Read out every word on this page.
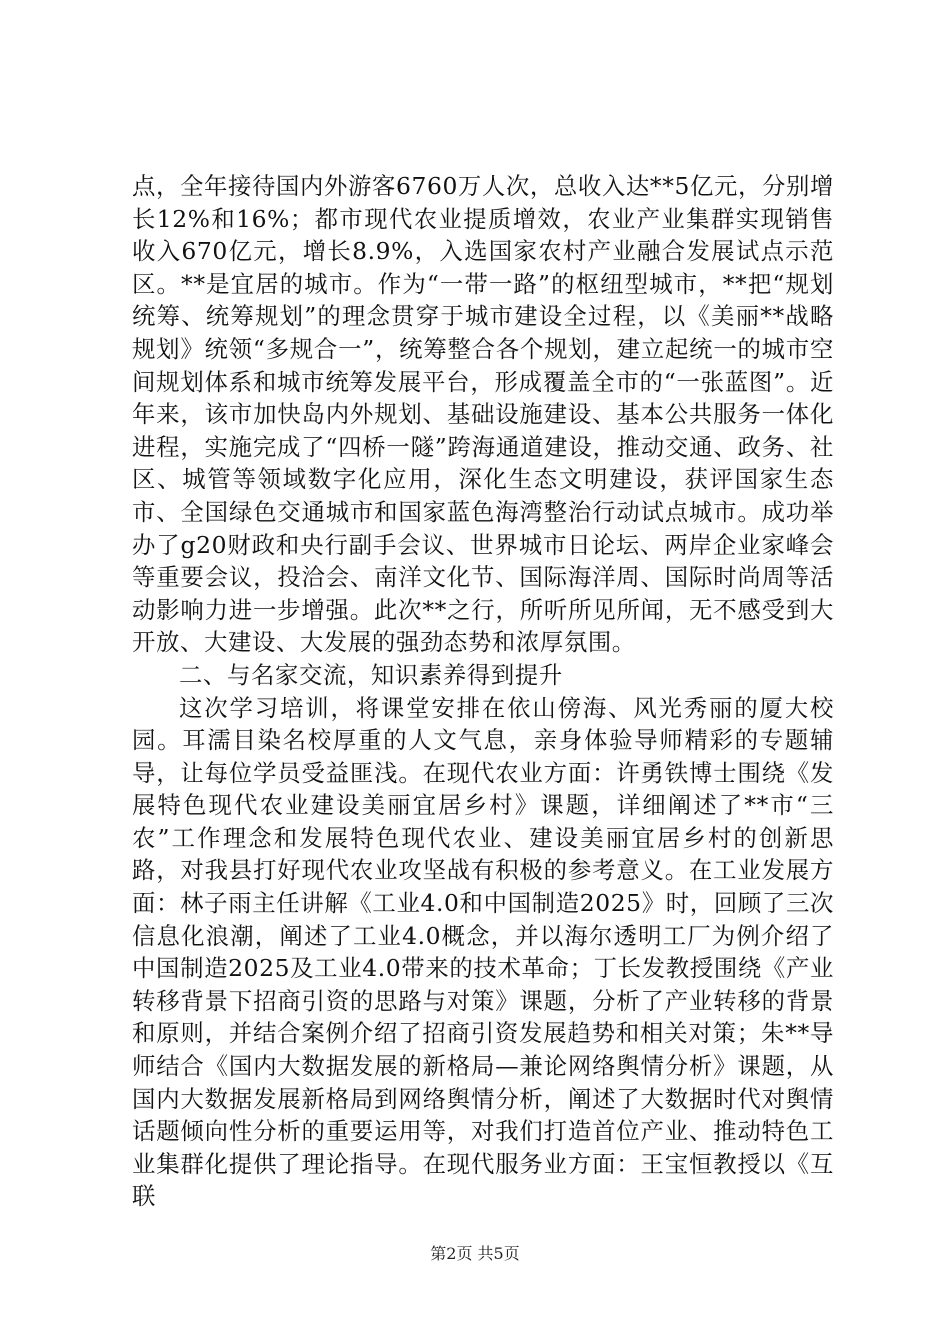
点，全年接待国内外游客6760万人次，总收入达**5亿元，分别增长12%和16%；都市现代农业提质增效，农业产业集群实现销售收入670亿元，增长8.9%，入选国家农村产业融合发展试点示范区。**是宜居的城市。作为“一带一路”的枢纽型城市，**把“规划统筹、统筹规划”的理念贯穿于城市建设全过程，以《美丽**战略规划》统领“多规合一”，统筹整合各个规划，建立起统一的城市空间规划体系和城市统筹发展平台，形成覆盖全市的“一张蓝图”。近年来，该市加快岛内外规划、基础设施建设、基本公共服务一体化进程，实施完成了“四桥一隧”跨海通道建设，推动交通、政务、社区、城管等领域数字化应用，深化生态文明建设，获评国家生态市、全国绿色交通城市和国家蓝色海湾整治行动试点城市。成功举办了g20财政和央行副手会议、世界城市日论坛、两岸企业家峰会等重要会议，投洽会、南洋文化节、国际海洋周、国际时尚周等活动影响力进一步增强。此次**之行，所听所见所闻，无不感受到大开放、大建设、大发展的强劲态势和浓厚氛围。

二、与名家交流，知识素养得到提升

这次学习培训，将课堂安排在依山傍海、风光秀丽的厦大校园。耳濡目染名校厚重的人文气息，亲身体验导师精彩的专题辅导，让每位学员受益匪浅。在现代农业方面：许勇铁博士围绕《发展特色现代农业建设美丽宜居乡村》课题，详细阐述了**市“三农”工作理念和发展特色现代农业、建设美丽宜居乡村的创新思路，对我县打好现代农业攻坚战有积极的参考意义。在工业发展方面：林子雨主任讲解《工业4.0和中国制造2025》时，回顾了三次信息化浪潮，阐述了工业4.0概念，并以海尔透明工厂为例介绍了中国制造2025及工业4.0带来的技术革命；丁长发教授围绕《产业转移背景下招商引资的思路与对策》课题，分析了产业转移的背景和原则，并结合案例介绍了招商引资发展趋势和相关对策；朱**导师结合《国内大数据发展的新格局—兼论网络舆情分析》课题，从国内大数据发展新格局到网络舆情分析，阐述了大数据时代对舆情话题倾向性分析的重要运用等，对我们打造首位产业、推动特色工业集群化提供了理论指导。在现代服务业方面：王宝恒教授以《互联

第2页 共5页
